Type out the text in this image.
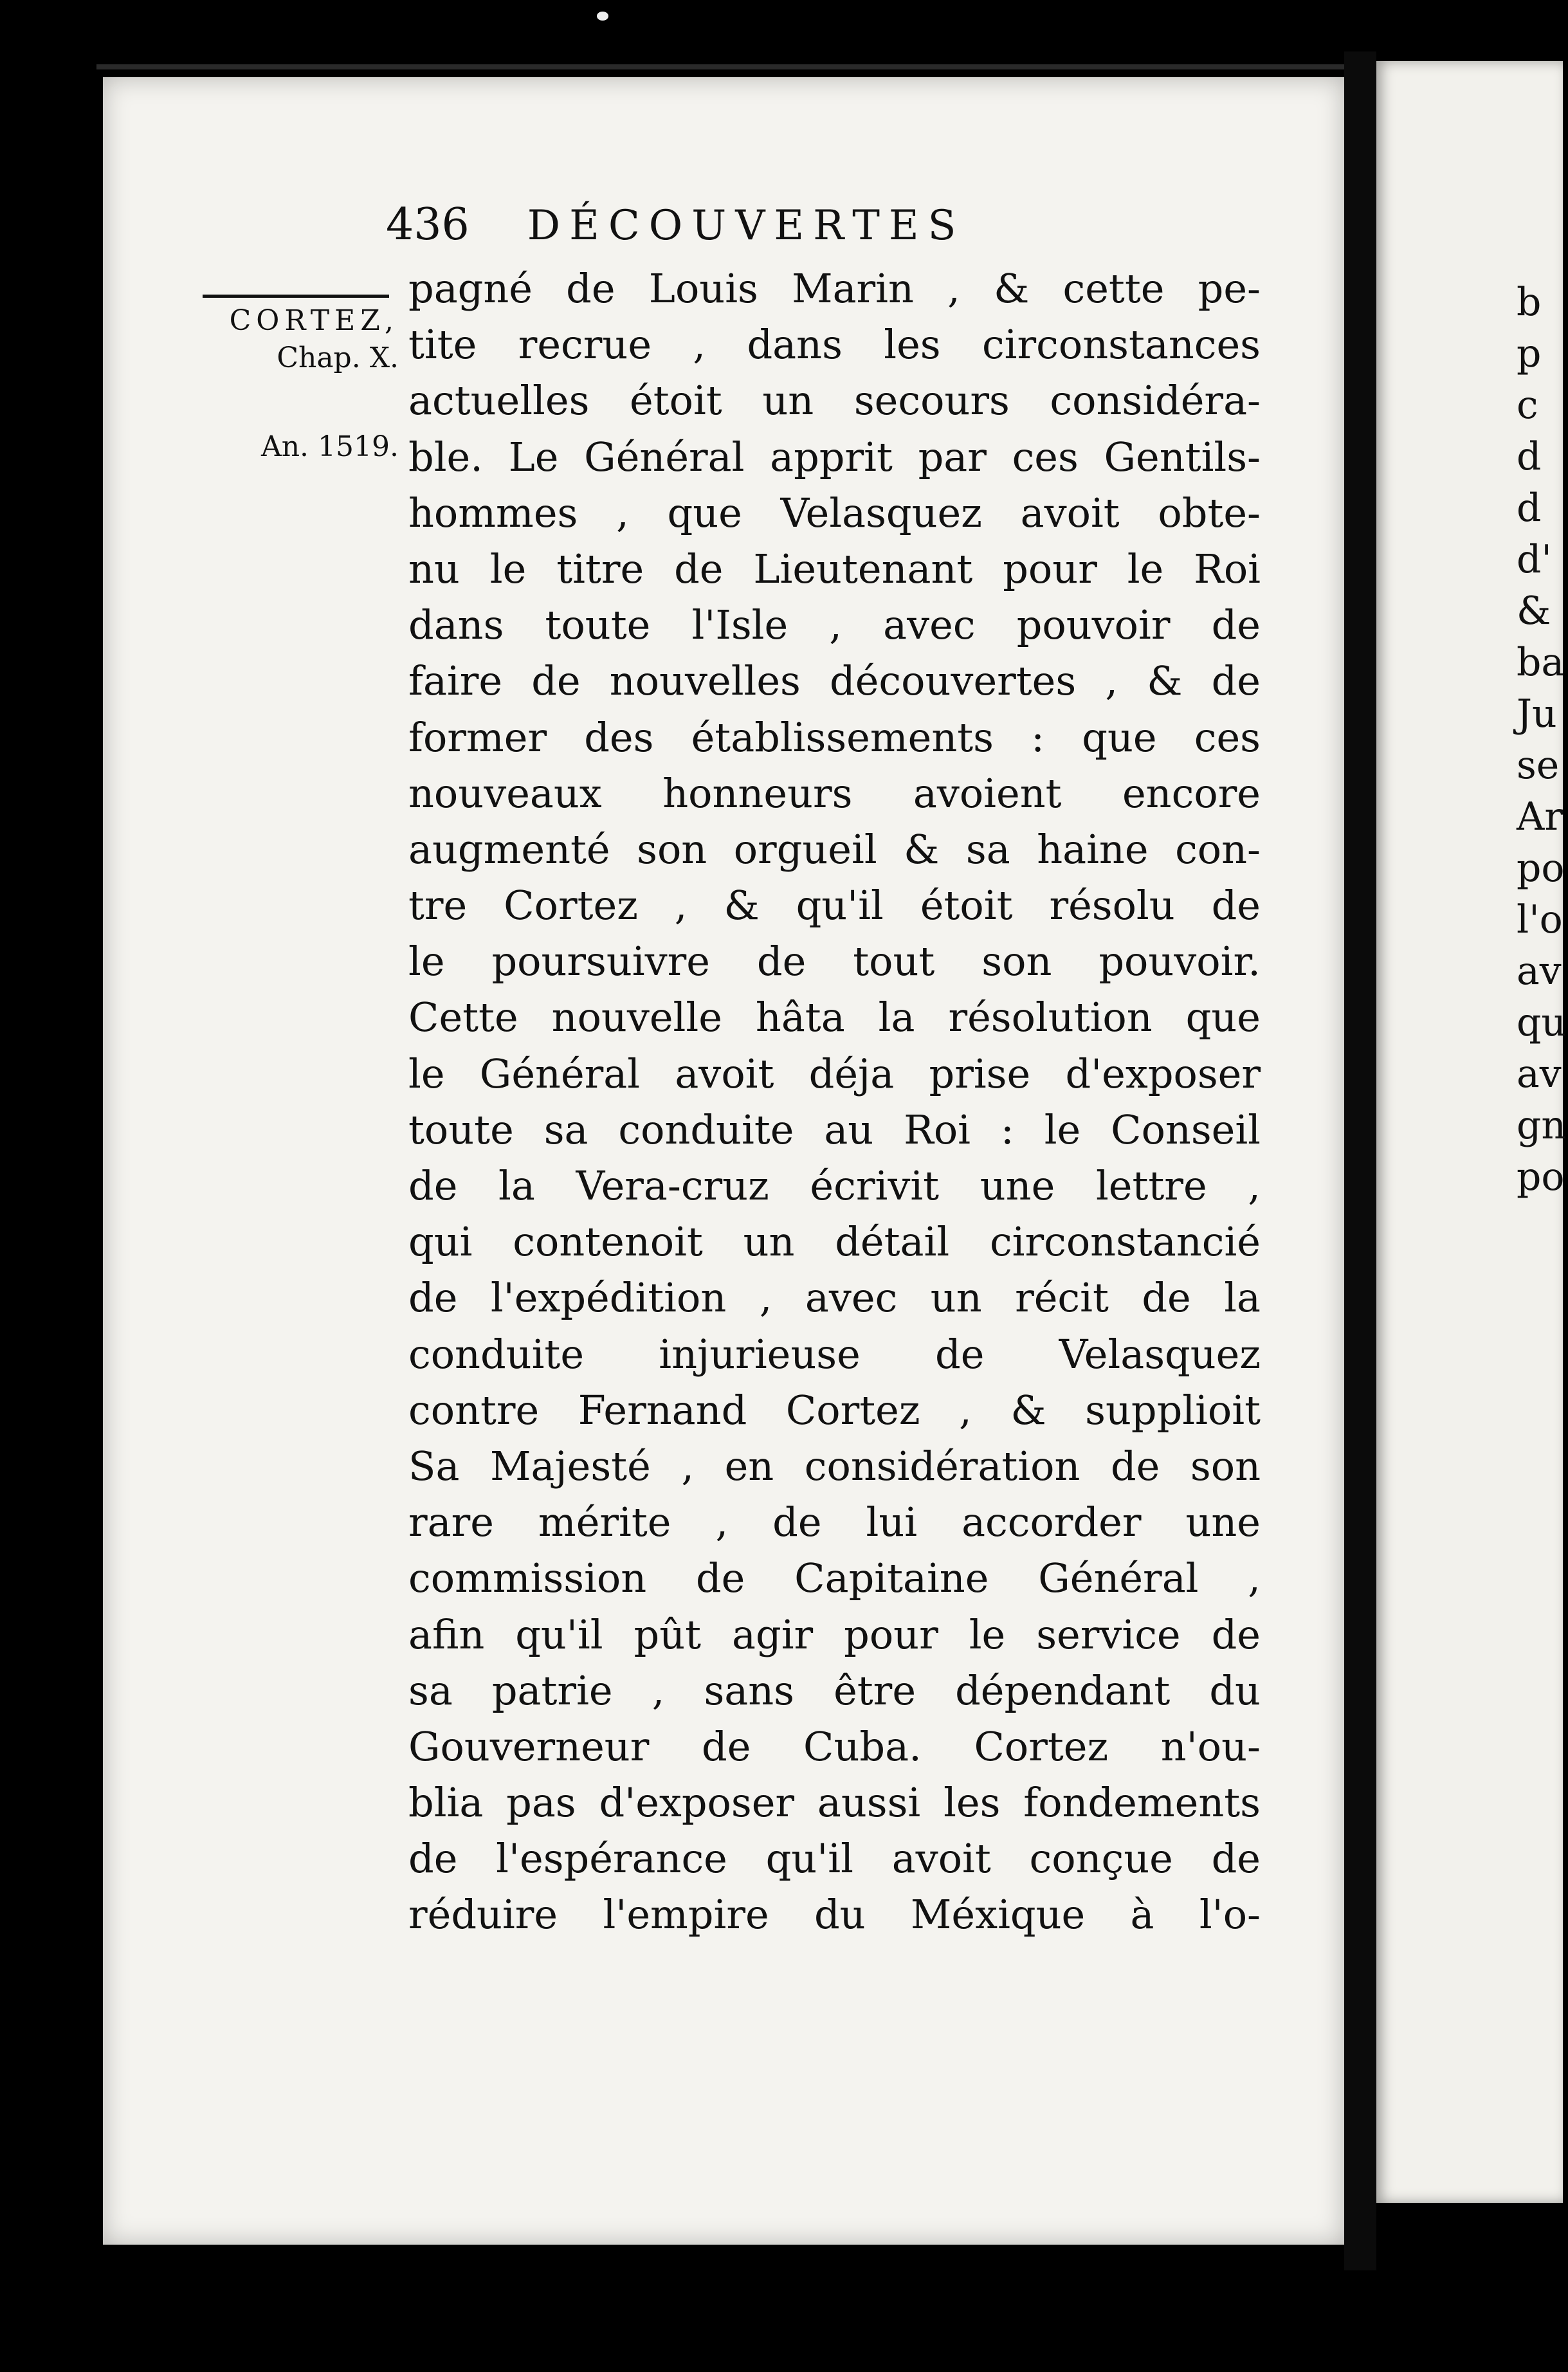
436 DÉCOUVERTES
CORTEZ,
Chap. X.
An. 1519.
pagné de Louis Marin , & cette pe-
tite recrue , dans les circonstances
actuelles étoit un secours considéra-
ble. Le Général apprit par ces Gentils-
hommes , que Velasquez avoit obte-
nu le titre de Lieutenant pour le Roi
dans toute l'Isle , avec pouvoir de
faire de nouvelles découvertes , & de
former des établissements : que ces
nouveaux honneurs avoient encore
augmenté son orgueil & sa haine con-
tre Cortez , & qu'il étoit résolu de
le poursuivre de tout son pouvoir.
Cette nouvelle hâta la résolution que
le Général avoit déja prise d'exposer
toute sa conduite au Roi : le Conseil
de la Vera-cruz écrivit une lettre ,
qui contenoit un détail circonstancié
de l'expédition , avec un récit de la
conduite injurieuse de Velasquez
contre Fernand Cortez , & supplioit
Sa Majesté , en considération de son
rare mérite , de lui accorder une
commission de Capitaine Général ,
afin qu'il pût agir pour le service de
sa patrie , sans être dépendant du
Gouverneur de Cuba. Cortez n'ou-
blia pas d'exposer aussi les fondements
de l'espérance qu'il avoit conçue de
réduire l'empire du Méxique à l'o-
b
p
c
d
d
d'
&
ba
Ju
se
Ar
po
l'o
av
qu
av
gn
po
